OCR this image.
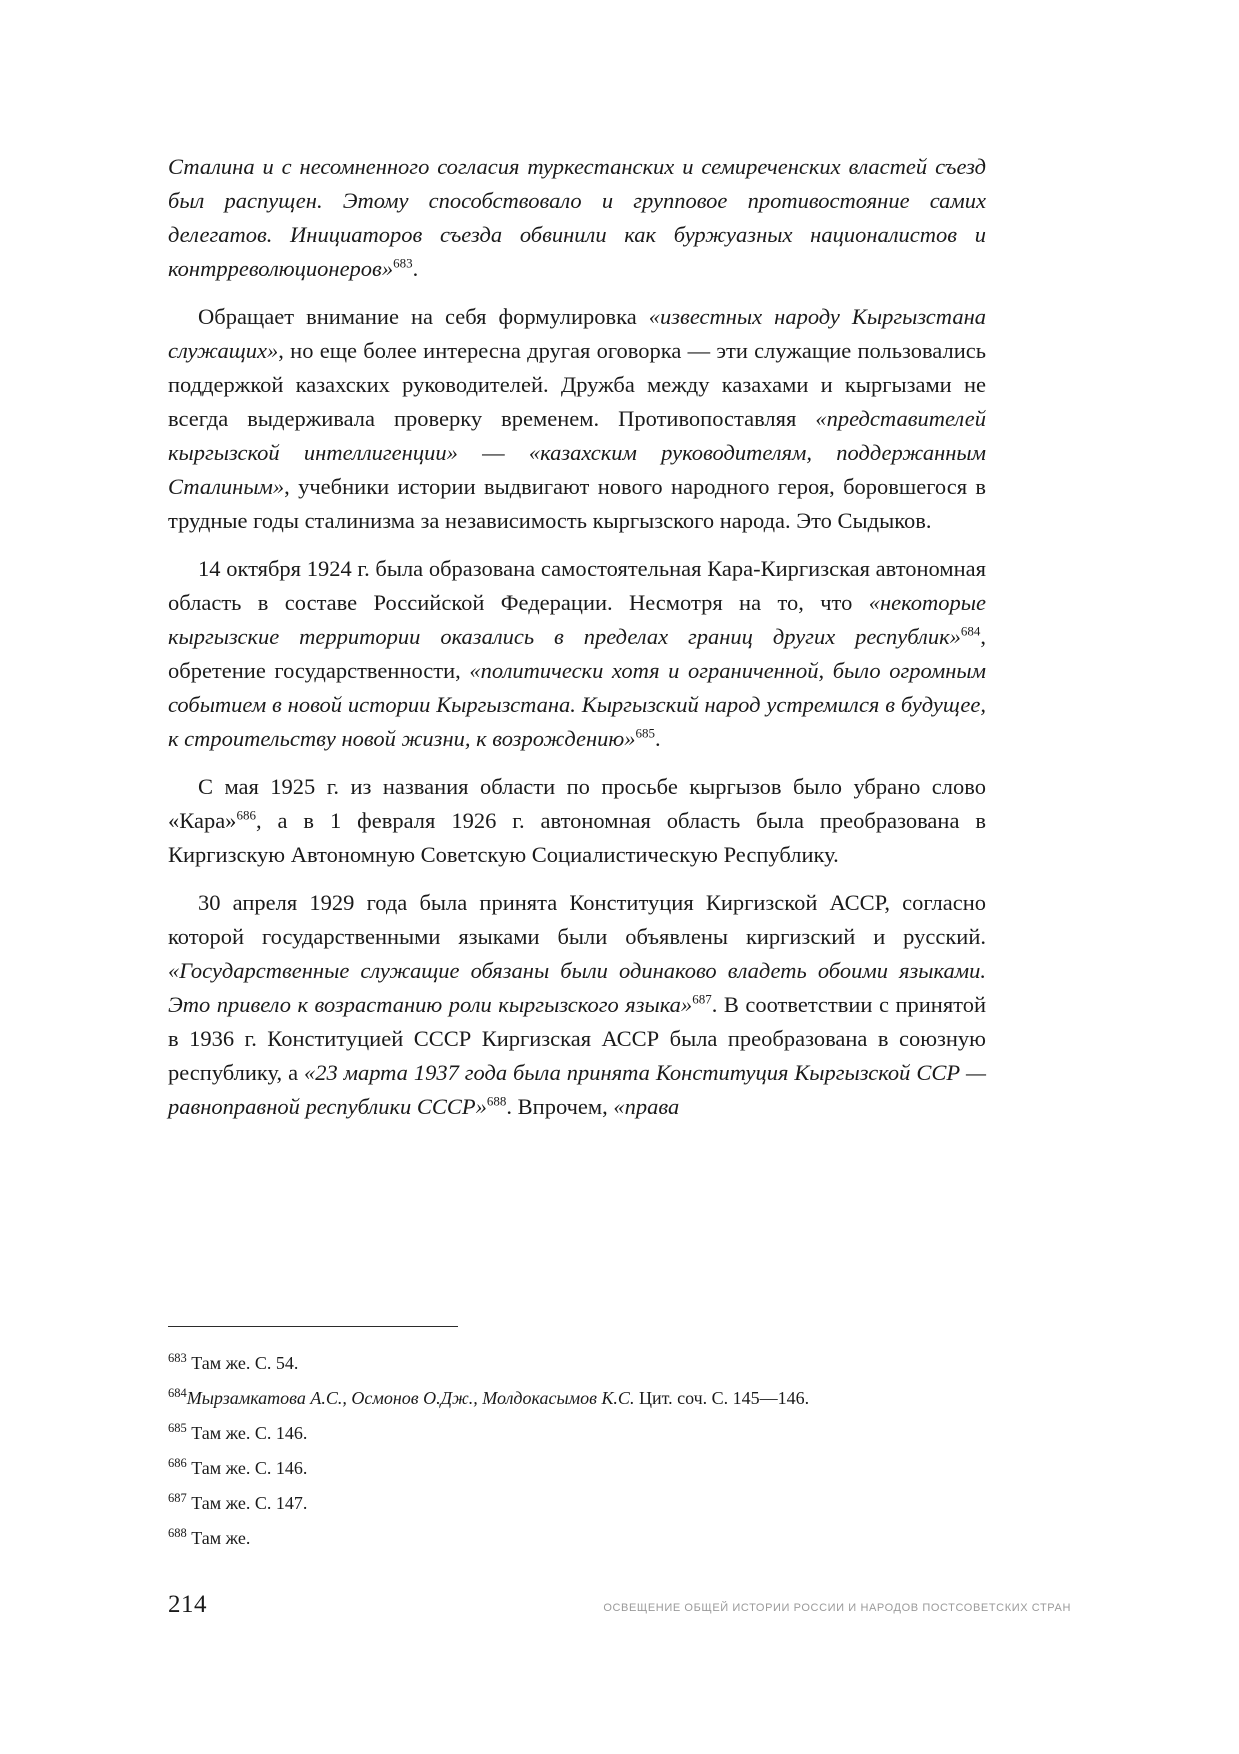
Сталина и с несомненного согласия туркестанских и семиреченских властей съезд был распущен. Этому способствовало и групповое противостояние самих делегатов. Инициаторов съезда обвинили как буржуазных националистов и контрреволюционеров»$^{683}$.

Обращает внимание на себя формулировка «известных народу Кыргызстана служащих», но еще более интересна другая оговорка — эти служащие пользовались поддержкой казахских руководителей. Дружба между казахами и кыргызами не всегда выдерживала проверку временем. Противопоставляя «представителей кыргызской интеллигенции» — «казахским руководителям, поддержанным Сталиным», учебники истории выдвигают нового народного героя, боровшегося в трудные годы сталинизма за независимость кыргызского народа. Это Сыдыков.

14 октября 1924 г. была образована самостоятельная Кара-Киргизская автономная область в составе Российской Федерации. Несмотря на то, что «некоторые кыргызские территории оказались в пределах границ других республик»$^{684}$, обретение государственности, «политически хотя и ограниченной, было огромным событием в новой истории Кыргызстана. Кыргызский народ устремился в будущее, к строительству новой жизни, к возрождению»$^{685}$.

С мая 1925 г. из названия области по просьбе кыргызов было убрано слово «Кара»$^{686}$, а в 1 февраля 1926 г. автономная область была преобразована в Киргизскую Автономную Советскую Социалистическую Республику.

30 апреля 1929 года была принята Конституция Киргизской АССР, согласно которой государственными языками были объявлены киргизский и русский. «Государственные служащие обязаны были одинаково владеть обоими языками. Это привело к возрастанию роли кыргызского языка»$^{687}$. В соответствии с принятой в 1936 г. Конституцией СССР Киргизская АССР была преобразована в союзную республику, а «23 марта 1937 года была принята Конституция Кыргызской ССР — равноправной республики СССР»$^{688}$. Впрочем, «права

$^{683}$ Там же. С. 54.

$^{684}$Мырзамкатова А.С., Осмонов О.Дж., Молдокасымов К.С. Цит. соч. С. 145—146.

$^{685}$ Там же. С. 146.

$^{686}$ Там же. С. 146.

$^{687}$ Там же. С. 147.

$^{688}$ Там же.

214	ОСВЕЩЕНИЕ ОБЩЕЙ ИСТОРИИ РОССИИ И НАРОДОВ ПОСТСОВЕТСКИХ СТРАН
